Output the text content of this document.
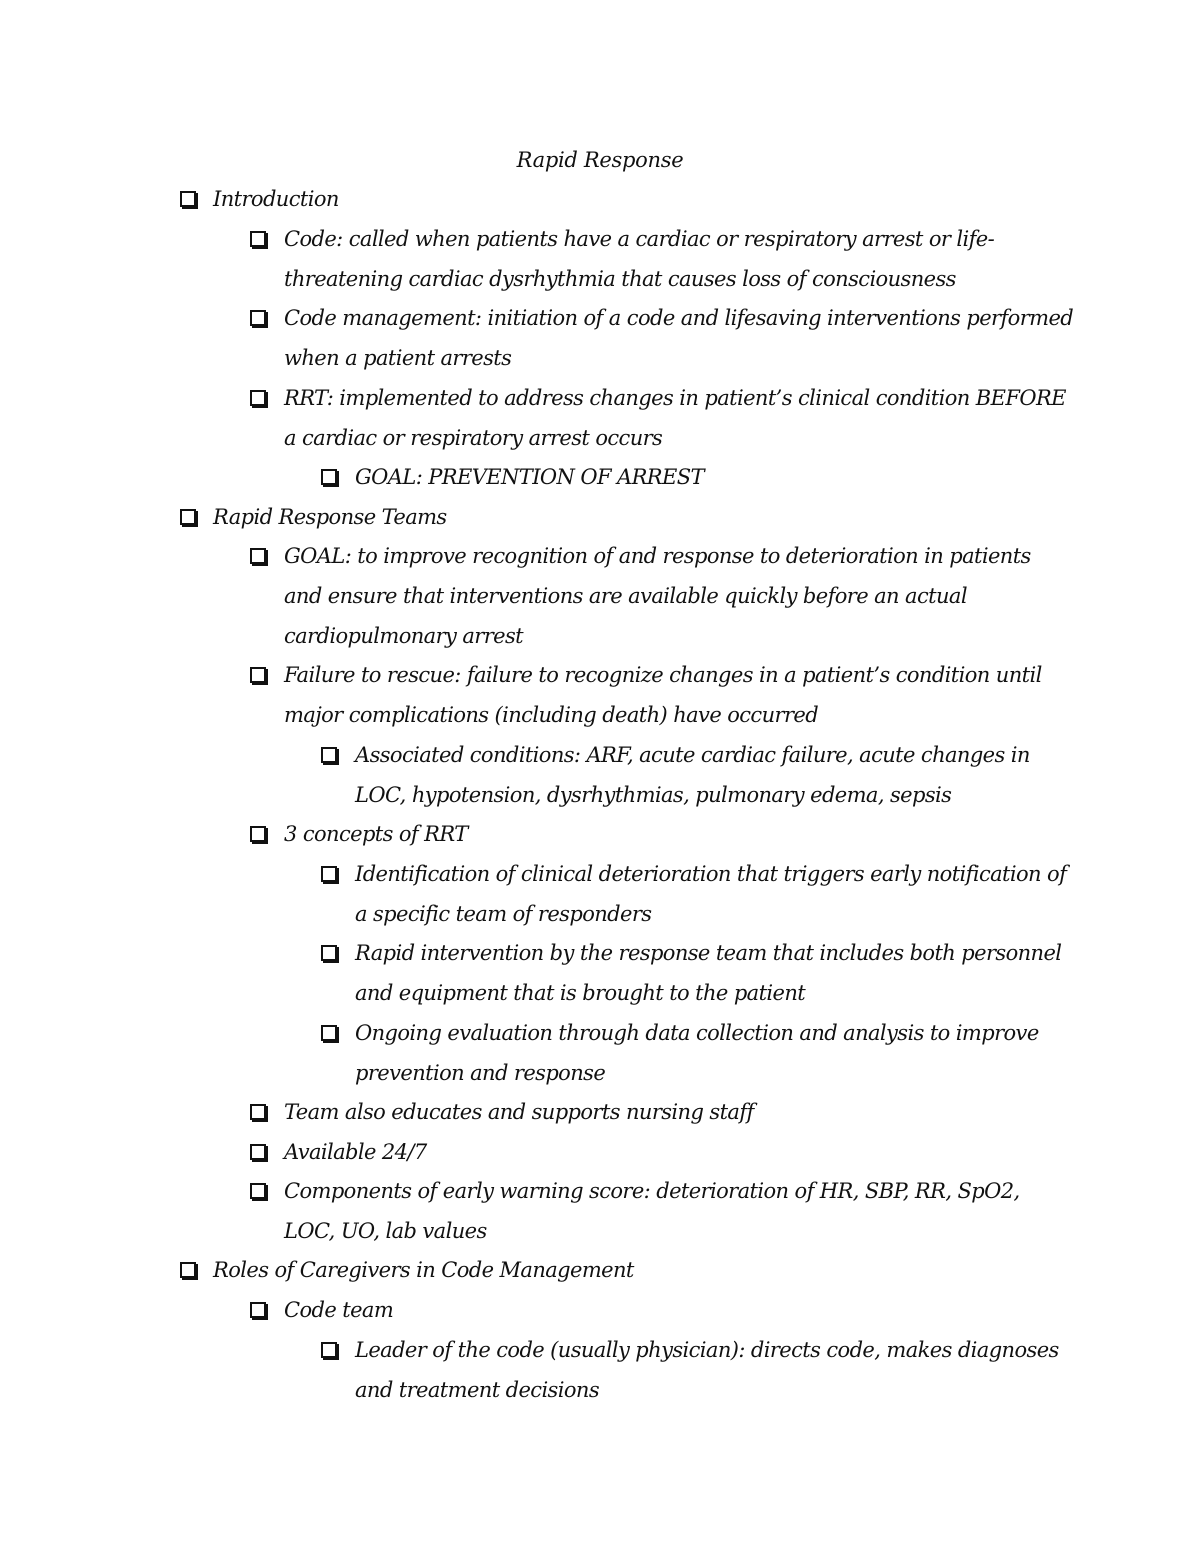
Rapid Response
Introduction
Code: called when patients have a cardiac or respiratory arrest or life-threatening cardiac dysrhythmia that causes loss of consciousness
Code management: initiation of a code and lifesaving interventions performed when a patient arrests
RRT: implemented to address changes in patient’s clinical condition BEFORE a cardiac or respiratory arrest occurs
GOAL: PREVENTION OF ARREST
Rapid Response Teams
GOAL: to improve recognition of and response to deterioration in patients and ensure that interventions are available quickly before an actual cardiopulmonary arrest
Failure to rescue: failure to recognize changes in a patient’s condition until major complications (including death) have occurred
Associated conditions: ARF, acute cardiac failure, acute changes in LOC, hypotension, dysrhythmias, pulmonary edema, sepsis
3 concepts of RRT
Identification of clinical deterioration that triggers early notification of a specific team of responders
Rapid intervention by the response team that includes both personnel and equipment that is brought to the patient
Ongoing evaluation through data collection and analysis to improve prevention and response
Team also educates and supports nursing staff
Available 24/7
Components of early warning score: deterioration of HR, SBP, RR, SpO2, LOC, UO, lab values
Roles of Caregivers in Code Management
Code team
Leader of the code (usually physician): directs code, makes diagnoses and treatment decisions
